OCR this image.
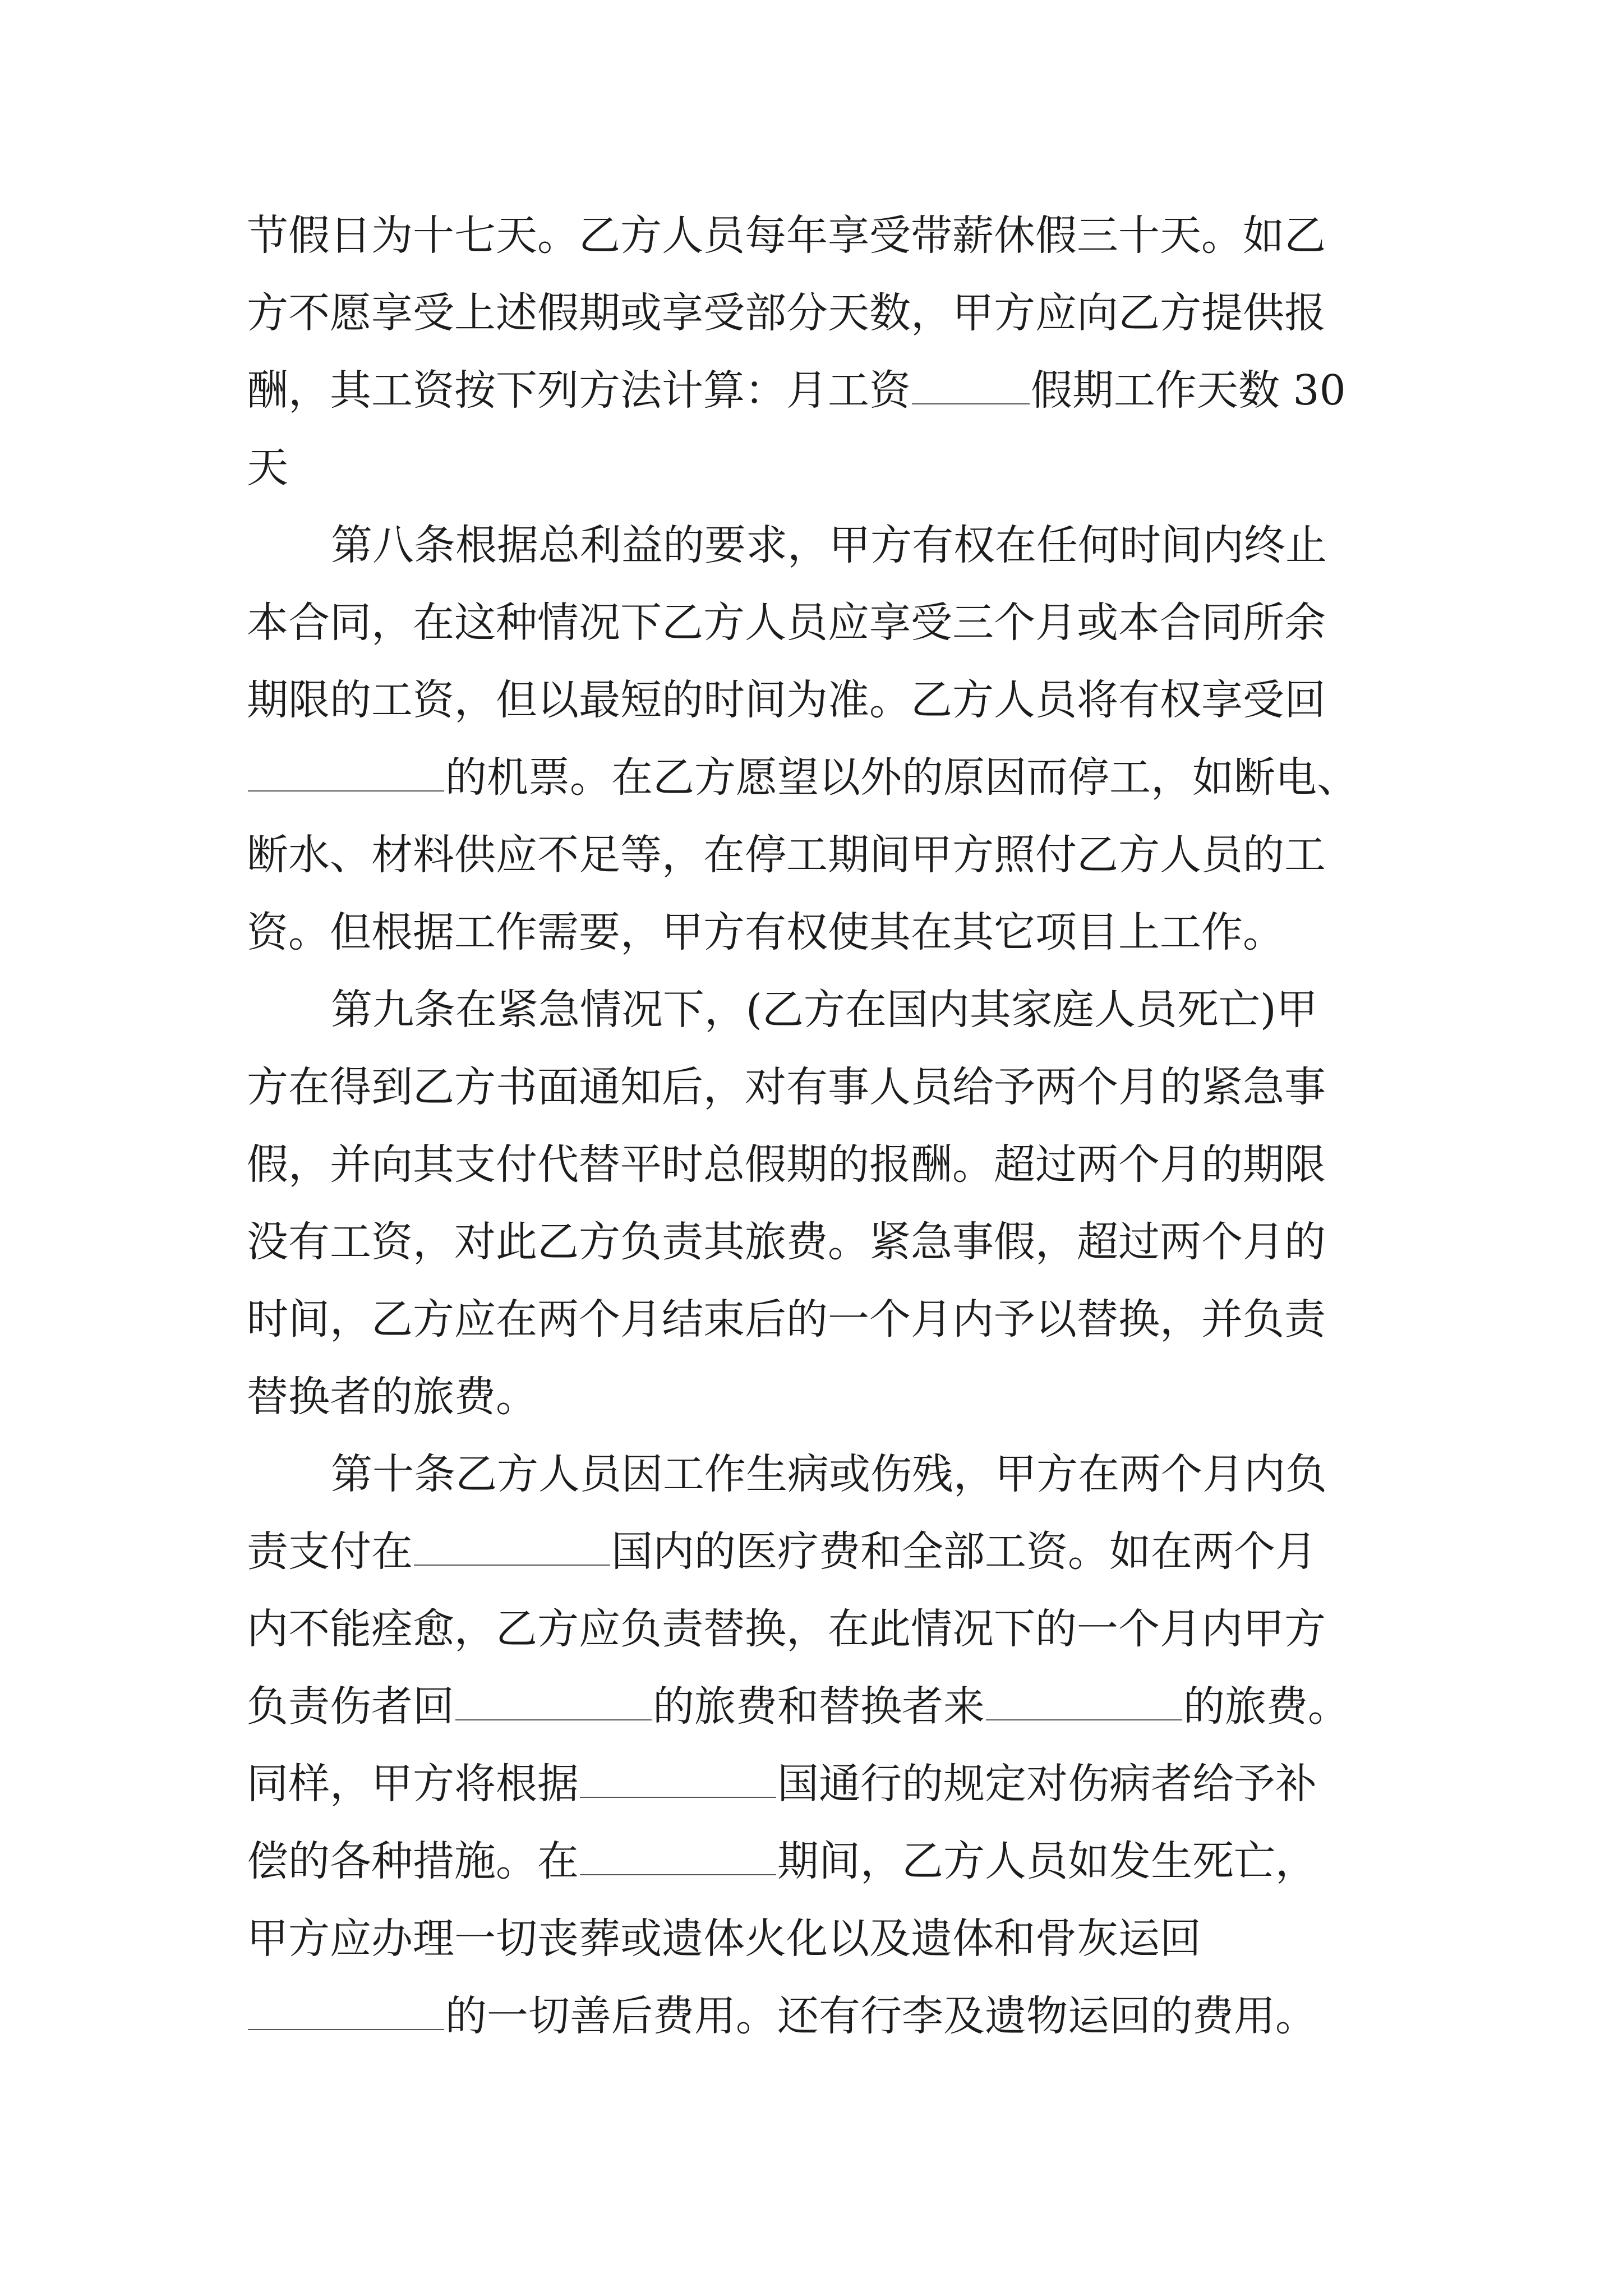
节假日为十七天。乙方人员每年享受带薪休假三十天。如乙
方不愿享受上述假期或享受部分天数，甲方应向乙方提供报
酬，其工资按下列方法计算：月工资	假期工作天数 30
天
第八条根据总利益的要求，甲方有权在任何时间内终止
本合同，在这种情况下乙方人员应享受三个月或本合同所余
期限的工资，但以最短的时间为准。乙方人员将有权享受回
的机票。在乙方愿望以外的原因而停工，如断电、
断水、材料供应不足等，在停工期间甲方照付乙方人员的工
资。但根据工作需要，甲方有权使其在其它项目上工作。
第九条在紧急情况下，(乙方在国内其家庭人员死亡)甲
方在得到乙方书面通知后，对有事人员给予两个月的紧急事
假，并向其支付代替平时总假期的报酬。超过两个月的期限
没有工资，对此乙方负责其旅费。紧急事假，超过两个月的
时间，乙方应在两个月结束后的一个月内予以替换，并负责
替换者的旅费。
第十条乙方人员因工作生病或伤残，甲方在两个月内负
责支付在	国内的医疗费和全部工资。如在两个月
内不能痊愈，乙方应负责替换，在此情况下的一个月内甲方
负责伤者回	的旅费和替换者来	的旅费。
同样，甲方将根据	国通行的规定对伤病者给予补
偿的各种措施。在	期间，乙方人员如发生死亡，
甲方应办理一切丧葬或遗体火化以及遗体和骨灰运回
的一切善后费用。还有行李及遗物运回的费用。
